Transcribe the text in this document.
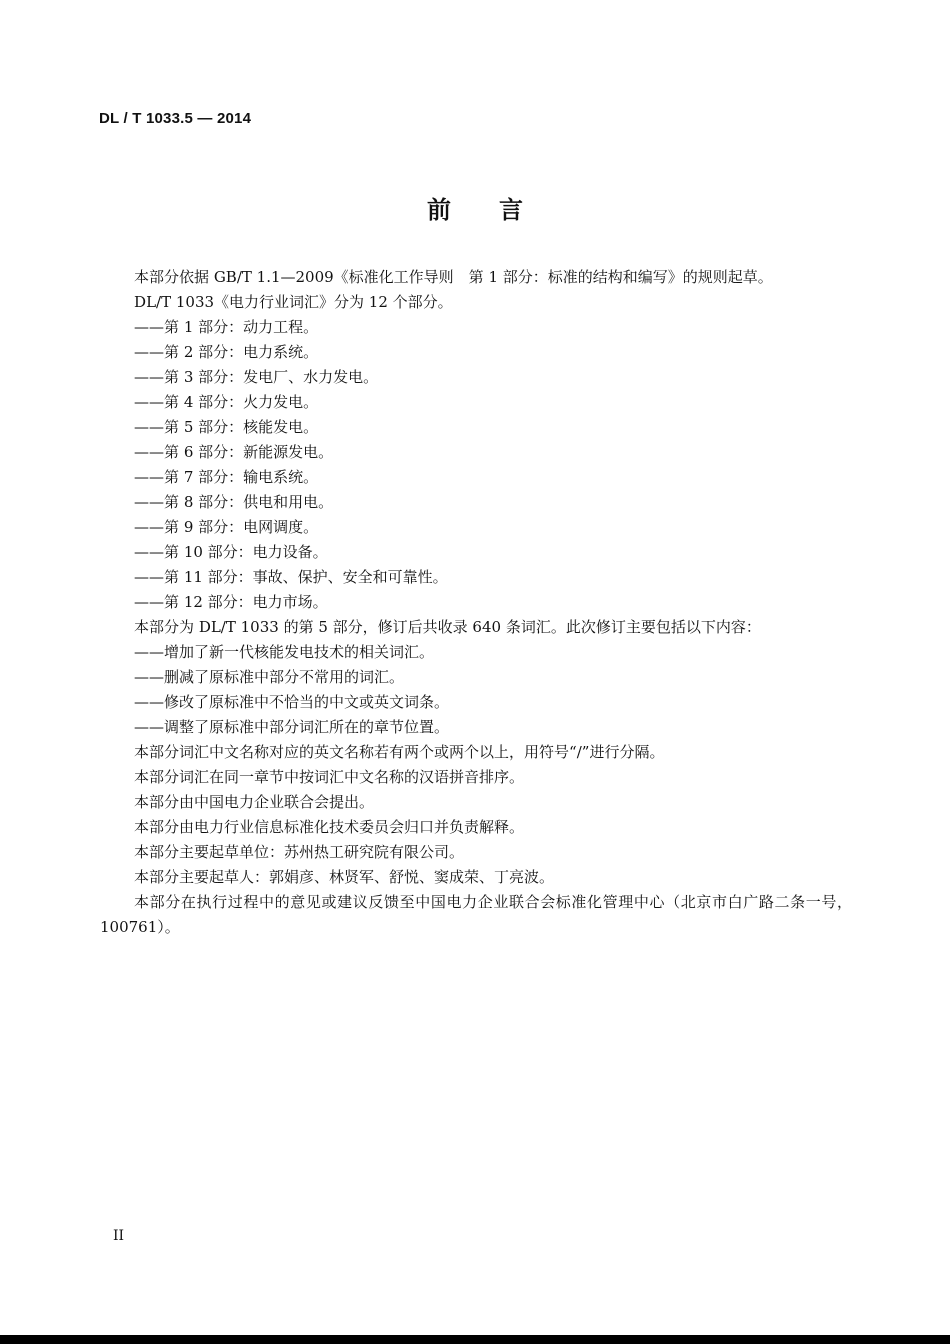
DL / T 1033.5 — 2014
前 言

本部分依据 GB/T 1.1—2009《标准化工作导则　第 1 部分：标准的结构和编写》的规则起草。

DL/T 1033《电力行业词汇》分为 12 个部分。

——第 1 部分：动力工程。

——第 2 部分：电力系统。

——第 3 部分：发电厂、水力发电。

——第 4 部分：火力发电。

——第 5 部分：核能发电。

——第 6 部分：新能源发电。

——第 7 部分：输电系统。

——第 8 部分：供电和用电。

——第 9 部分：电网调度。

——第 10 部分：电力设备。

——第 11 部分：事故、保护、安全和可靠性。

——第 12 部分：电力市场。

本部分为 DL/T 1033 的第 5 部分，修订后共收录 640 条词汇。此次修订主要包括以下内容：

——增加了新一代核能发电技术的相关词汇。

——删减了原标准中部分不常用的词汇。

——修改了原标准中不恰当的中文或英文词条。

——调整了原标准中部分词汇所在的章节位置。

本部分词汇中文名称对应的英文名称若有两个或两个以上，用符号“/”进行分隔。

本部分词汇在同一章节中按词汇中文名称的汉语拼音排序。

本部分由中国电力企业联合会提出。

本部分由电力行业信息标准化技术委员会归口并负责解释。

本部分主要起草单位：苏州热工研究院有限公司。

本部分主要起草人：郭娟彦、林贤军、舒悦、窦成荣、丁亮波。

本部分在执行过程中的意见或建议反馈至中国电力企业联合会标准化管理中心（北京市白广路二条一号，100761）。

II
